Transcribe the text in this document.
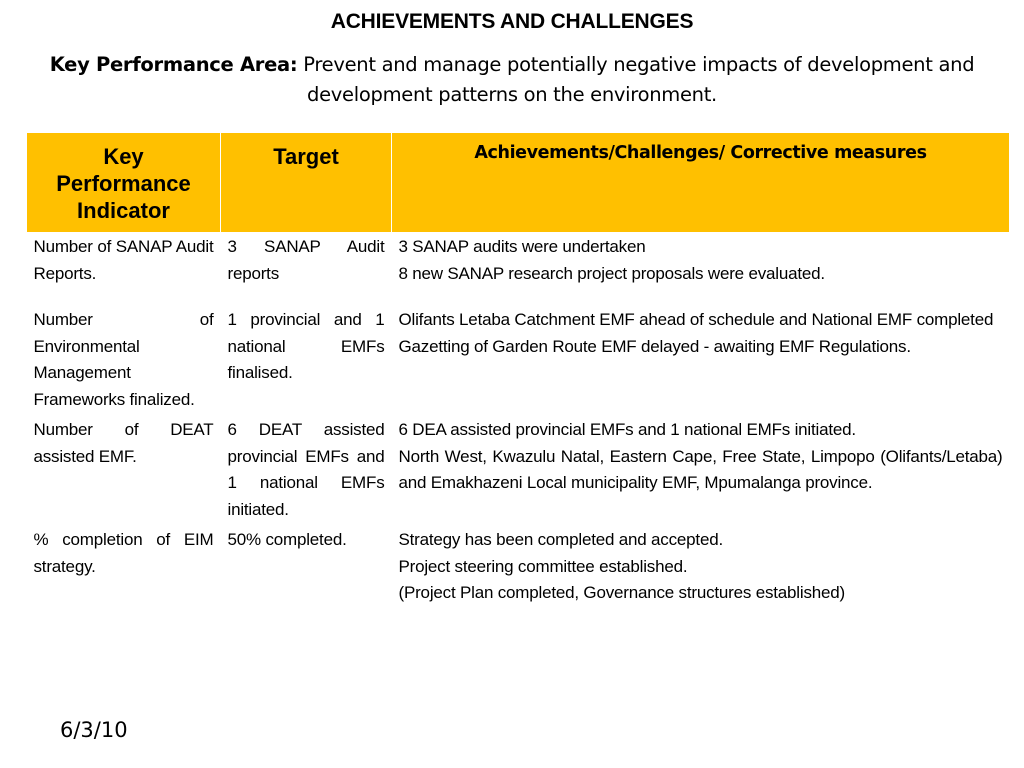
ACHIEVEMENTS AND CHALLENGES
Key Performance Area: Prevent and manage potentially negative impacts of development and development patterns on the environment.
Key Performance Indicator	Target	Achievements/Challenges/ Corrective measures
Number of SANAP Audit Reports.	3 SANAP Audit reports	3 SANAP audits were undertaken
8 new SANAP research project proposals were evaluated.

Number of Environmental Management Frameworks finalized.	1 provincial and 1 national EMFs finalised.	Olifants Letaba Catchment EMF ahead of schedule and National EMF completed
Gazetting of Garden Route EMF delayed - awaiting EMF Regulations.

Number of DEAT assisted EMF.	6 DEAT assisted provincial EMFs and 1 national EMFs initiated.	6 DEA assisted provincial EMFs and 1 national EMFs initiated.
North West, Kwazulu Natal, Eastern Cape, Free State, Limpopo (Olifants/Letaba) and Emakhazeni Local municipality EMF, Mpumalanga province.

% completion of EIM strategy.	50% completed.	Strategy has been completed and accepted.
Project steering committee established.
(Project Plan completed, Governance structures established)
6/3/10
